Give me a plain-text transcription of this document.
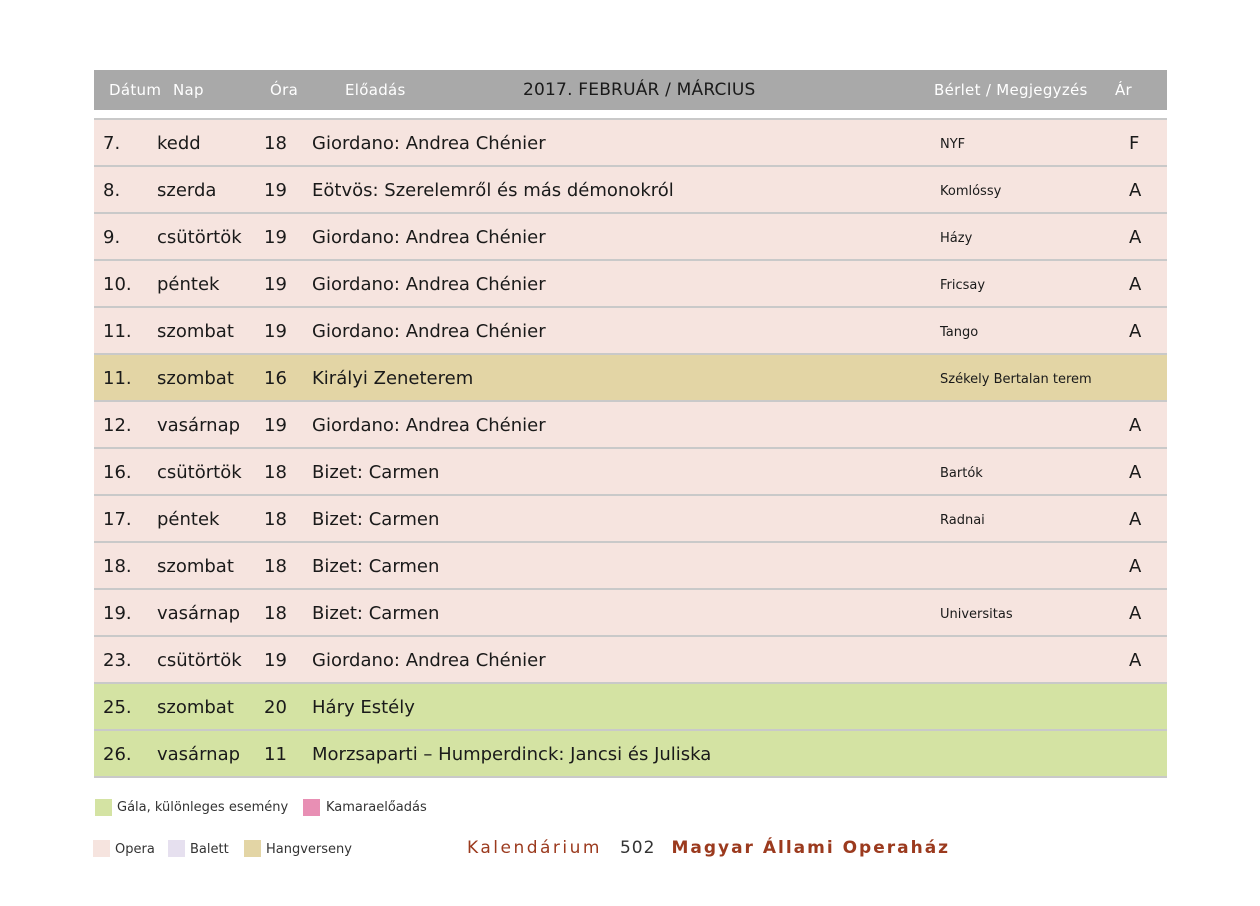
Dátum Nap	Óra	Előadás	2017. FEBRUÁR / MÁRCIUS	Bérlet / Megjegyzés Ár
7. kedd	18 Giordano: Andrea Chénier	NYF	F
8. szerda	19 Eötvös: Szerelemről és más démonokról	Komlóssy	A
9. csütörtök 19 Giordano: Andrea Chénier	Házy	A
10. péntek 19 Giordano: Andrea Chénier	Fricsay	A
11. szombat 19 Giordano: Andrea Chénier	Tango	A
11. szombat 16 Királyi Zeneterem	Székely Bertalan terem
12. vasárnap 19 Giordano: Andrea Chénier	A
16. csütörtök 18 Bizet: Carmen	Bartók	A
17. péntek 18 Bizet: Carmen	Radnai	A
18. szombat 18 Bizet: Carmen	A
19. vasárnap 18 Bizet: Carmen	Universitas	A
23. csütörtök 19 Giordano: Andrea Chénier	A
25. szombat 20 Háry Estély
26. vasárnap 11 Morzsaparti – Humperdinck: Jancsi és Juliska
Gála, különleges esemény	Kamaraelőadás
Opera	Balett	Hangverseny	Kalendárium 502 Magyar Állami Operaház
